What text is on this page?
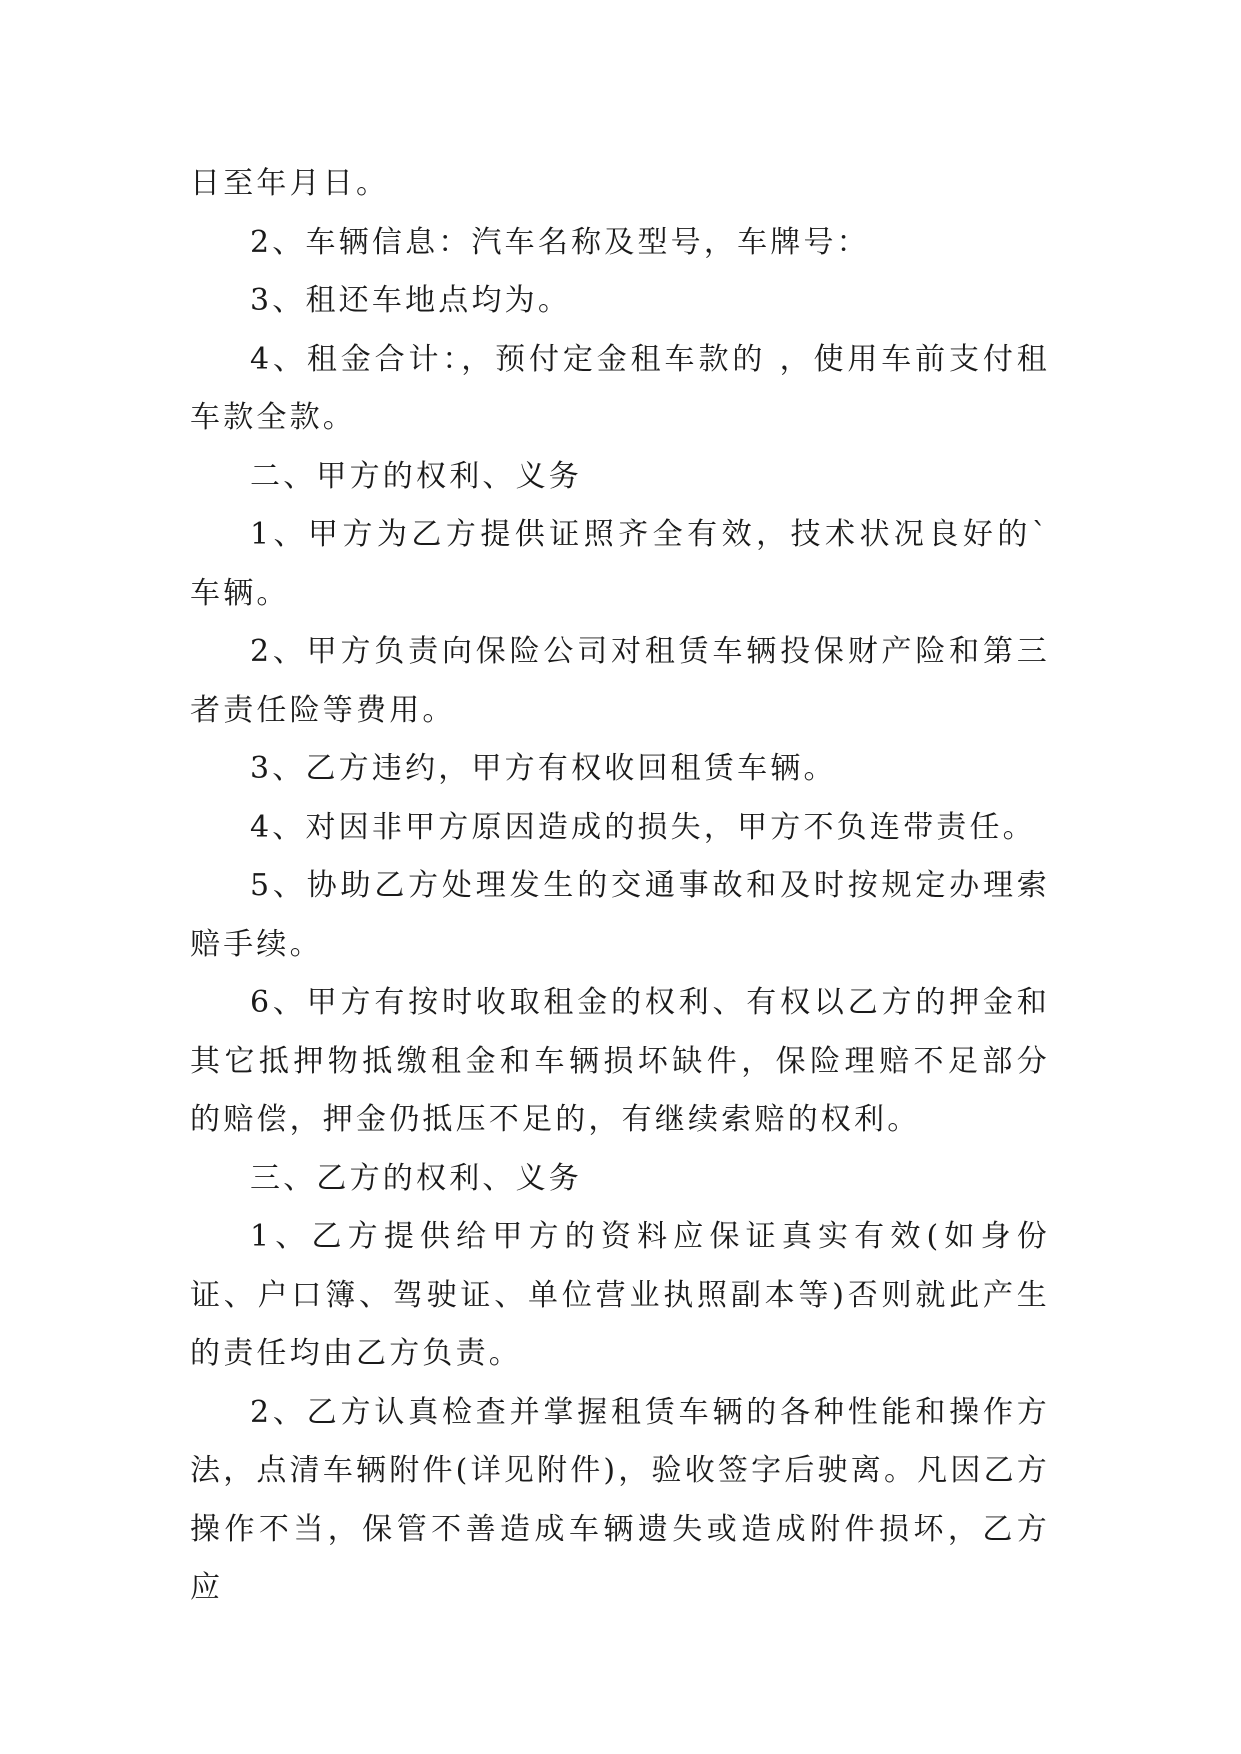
日至年月日。

2、车辆信息：汽车名称及型号，车牌号：

3、租还车地点均为。

4、租金合计：，预付定金租车款的 ，使用车前支付租车款全款。

二、甲方的权利、义务

1、甲方为乙方提供证照齐全有效，技术状况良好的`车辆。

2、甲方负责向保险公司对租赁车辆投保财产险和第三者责任险等费用。

3、乙方违约，甲方有权收回租赁车辆。

4、对因非甲方原因造成的损失，甲方不负连带责任。

5、协助乙方处理发生的交通事故和及时按规定办理索赔手续。

6、甲方有按时收取租金的权利、有权以乙方的押金和其它抵押物抵缴租金和车辆损坏缺件，保险理赔不足部分的赔偿，押金仍抵压不足的，有继续索赔的权利。

三、乙方的权利、义务

1、乙方提供给甲方的资料应保证真实有效(如身份证、户口簿、驾驶证、单位营业执照副本等)否则就此产生的责任均由乙方负责。

2、乙方认真检查并掌握租赁车辆的各种性能和操作方法，点清车辆附件(详见附件)，验收签字后驶离。凡因乙方操作不当，保管不善造成车辆遗失或造成附件损坏，乙方应
